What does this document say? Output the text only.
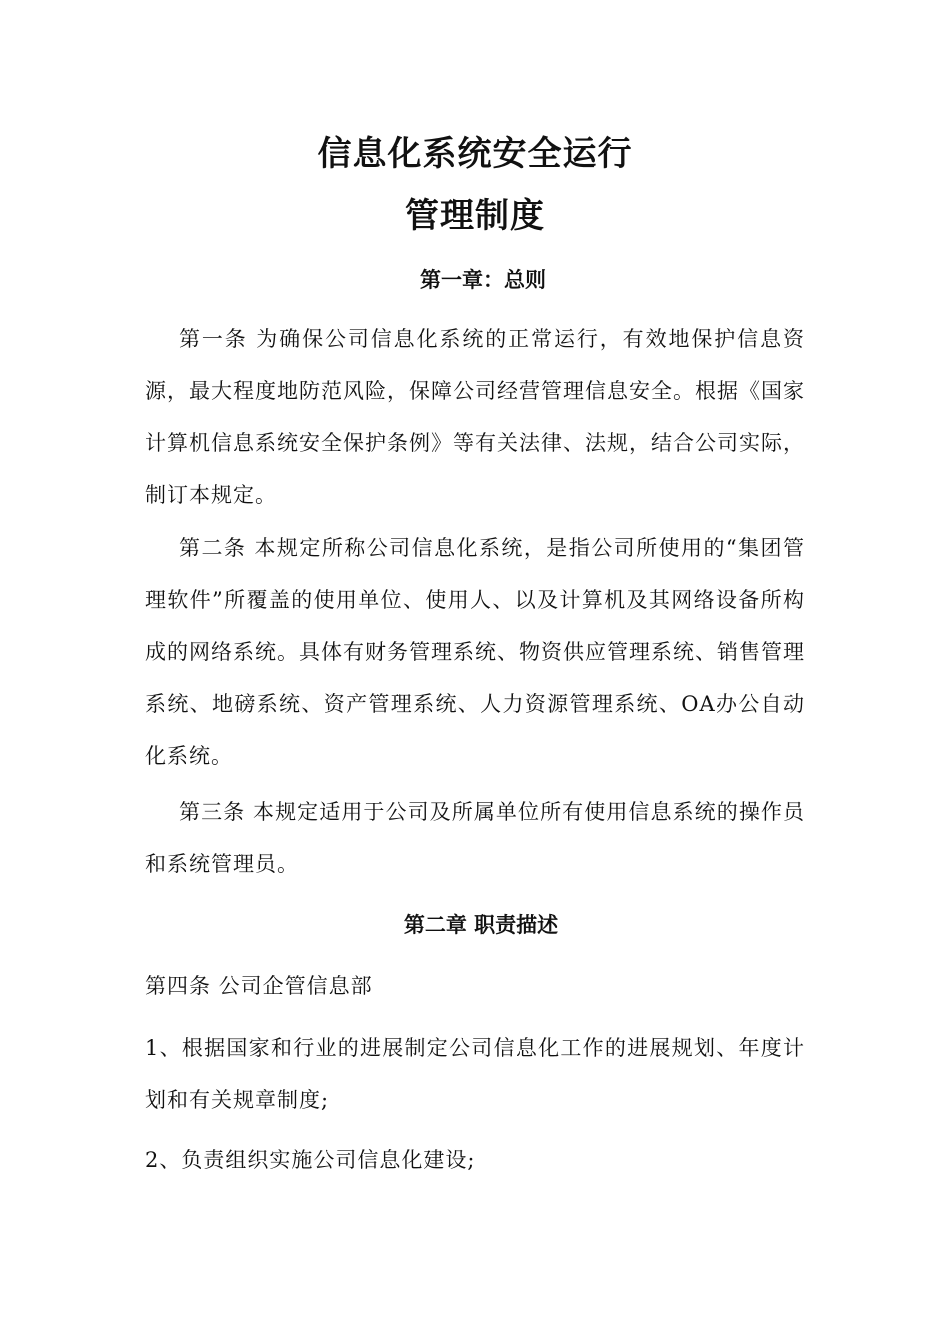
信息化系统安全运行
管理制度
第一章：总则
第一条 为确保公司信息化系统的正常运行，有效地保护信息资源，最大程度地防范风险，保障公司经营管理信息安全。根据《国家计算机信息系统安全保护条例》等有关法律、法规，结合公司实际，制订本规定。
第二条 本规定所称公司信息化系统，是指公司所使用的“集团管理软件”所覆盖的使用单位、使用人、以及计算机及其网络设备所构成的网络系统。具体有财务管理系统、物资供应管理系统、销售管理系统、地磅系统、资产管理系统、人力资源管理系统、OA办公自动化系统。
第三条 本规定适用于公司及所属单位所有使用信息系统的操作员和系统管理员。
第二章 职责描述
第四条 公司企管信息部
1、根据国家和行业的进展制定公司信息化工作的进展规划、年度计划和有关规章制度;
2、负责组织实施公司信息化建设;
